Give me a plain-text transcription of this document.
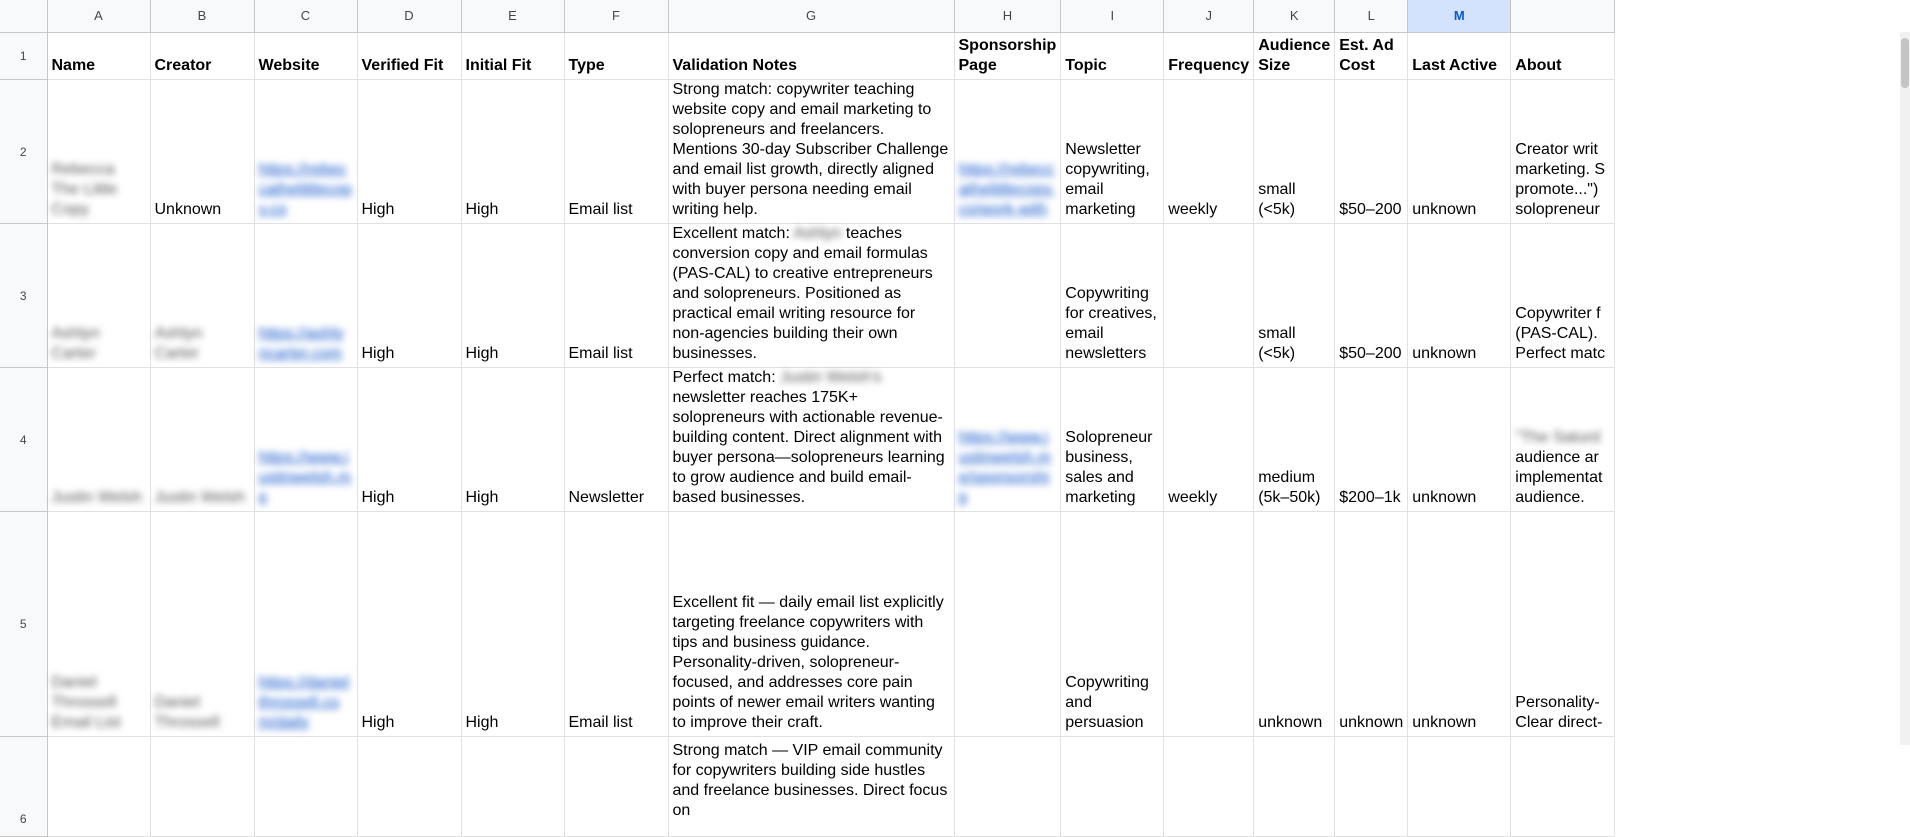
	A	B	C	D	E	F	G	H	I	J	K	L	M	
1	Name	Creator	Website	Verified Fit	Initial Fit	Type	Validation Notes	Sponsorship Page	Topic	Frequency	Audience Size	Est. Ad Cost	Last Active	About

2	Rebecca The Little Copy	Unknown	https://rebeccathelittlecopy.co	High	High	Email list	Strong match: copywriter teaching website copy and email marketing to solopreneurs and freelancers. Mentions 30-day Subscriber Challenge and email list growth, directly aligned with buyer persona needing email writing help.	https://rebeccathelittlecopy.co/work-with	Newsletter copywriting, email marketing	weekly	small (<5k)	$50–200	unknown	Creator writ marketing. S promote...") solopreneur

3	Ashlyn Carter	Ashlyn Carter	https://ashlyncarter.com	High	High	Email list	Excellent match: Ashlyn teaches conversion copy and email formulas (PAS-CAL) to creative entrepreneurs and solopreneurs. Positioned as practical email writing resource for non-agencies building their own businesses.		Copywriting for creatives, email newsletters		small (<5k)	$50–200	unknown	Copywriter f (PAS-CAL). Perfect matc

4	Justin Welsh	Justin Welsh	https://www.justinwelsh.me	High	High	Newsletter	Perfect match: Justin Welsh's newsletter reaches 175K+ solopreneurs with actionable revenue-building content. Direct alignment with buyer persona—solopreneurs learning to grow audience and build email-based businesses.	https://www.justinwelsh.me/sponsorship	Solopreneur business, sales and marketing	weekly	medium (5k–50k)	$200–1k	unknown	"The Saturd
audience ar implementat audience.

5	Daniel Throssell Email List	Daniel Throssell	https://danielthrossell.com/daily	High	High	Email list	Excellent fit — daily email list explicitly targeting freelance copywriters with tips and business guidance. Personality-driven, solopreneur-focused, and addresses core pain points of newer email writers wanting to improve their craft.		Copywriting and persuasion		unknown	unknown	unknown	Personality- Clear direct-

6							Strong match — VIP email community for copywriters building side hustles and freelance businesses. Direct focus on							
